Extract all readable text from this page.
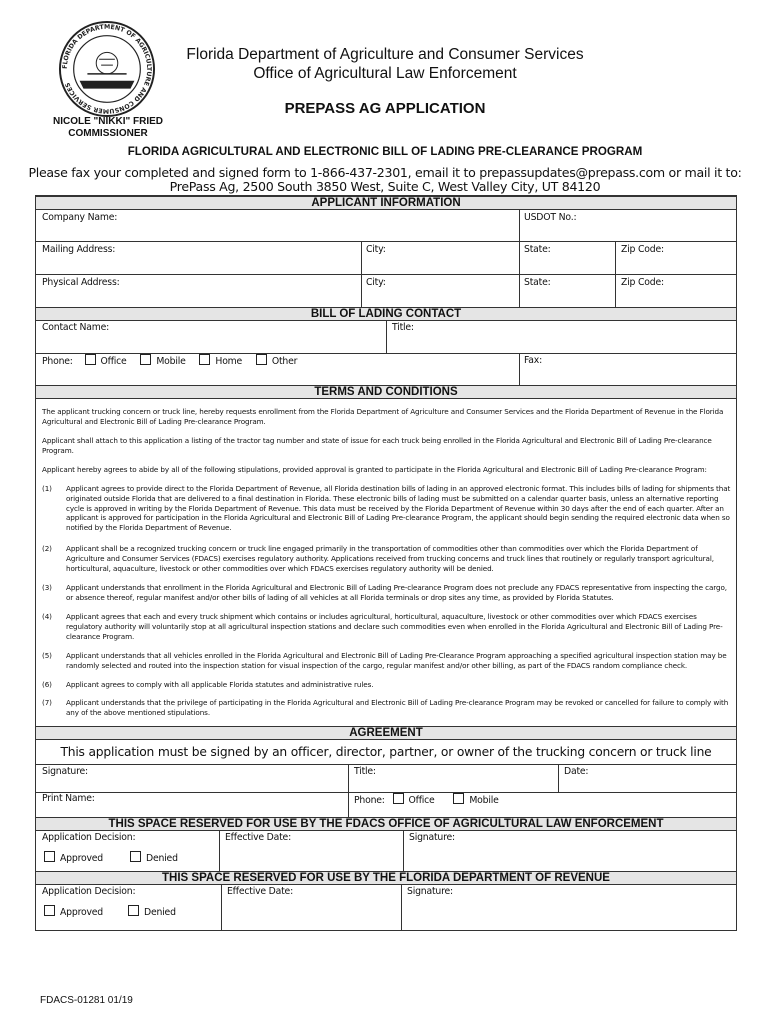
FLORIDA DEPARTMENT OF AGRICULTURE AND CONSUMER SERVICES
Florida Department of Agriculture and Consumer Services
Office of Agricultural Law Enforcement
PREPASS AG APPLICATION
NICOLE "NIKKI" FRIED
COMMISSIONER
FLORIDA AGRICULTURAL AND ELECTRONIC BILL OF LADING PRE-CLEARANCE PROGRAM
Please fax your completed and signed form to 1-866-437-2301, email it to prepassupdates@prepass.com or mail it to:
PrePass Ag, 2500 South 3850 West, Suite C, West Valley City, UT 84120
APPLICANT INFORMATION
Company Name:	USDOT No.:
Mailing Address:	City:	State:	Zip Code:
Physical Address:	City:	State:	Zip Code:
BILL OF LADING CONTACT
Contact Name:	Title:
Phone:	Office	Mobile	Home	Other	Fax:
TERMS AND CONDITIONS
The applicant trucking concern or truck line, hereby requests enrollment from the Florida Department of Agriculture and Consumer Services and the Florida Department of Revenue in the Florida Agricultural and Electronic Bill of Lading Pre-clearance Program.
Applicant shall attach to this application a listing of the tractor tag number and state of issue for each truck being enrolled in the Florida Agricultural and Electronic Bill of Lading Pre-clearance Program.
Applicant hereby agrees to abide by all of the following stipulations, provided approval is granted to participate in the Florida Agricultural and Electronic Bill of Lading Pre-clearance Program:
(1) Applicant agrees to provide direct to the Florida Department of Revenue, all Florida destination bills of lading in an approved electronic format. This includes bills of lading for shipments that originated outside Florida that are delivered to a final destination in Florida. These electronic bills of lading must be submitted on a calendar quarter basis, unless an alternative reporting cycle is approved in writing by the Florida Department of Revenue. This data must be received by the Florida Department of Revenue within 30 days after the end of each quarter. After an applicant is approved for participation in the Florida Agricultural and Electronic Bill of Lading Pre-clearance Program, the applicant should begin sending the required electronic data when so notified by the Florida Department of Revenue.
(2) Applicant shall be a recognized trucking concern or truck line engaged primarily in the transportation of commodities other than commodities over which the Florida Department of Agriculture and Consumer Services (FDACS) exercises regulatory authority. Applications received from trucking concerns and truck lines that routinely or regularly transport agricultural, horticultural, aquaculture, livestock or other commodities over which FDACS exercises regulatory authority will be denied.
(3) Applicant understands that enrollment in the Florida Agricultural and Electronic Bill of Lading Pre-clearance Program does not preclude any FDACS representative from inspecting the cargo, or absence thereof, regular manifest and/or other bills of lading of all vehicles at all Florida terminals or drop sites any time, as provided by Florida Statutes.
(4) Applicant agrees that each and every truck shipment which contains or includes agricultural, horticultural, aquaculture, livestock or other commodities over which FDACS exercises regulatory authority will voluntarily stop at all agricultural inspection stations and declare such commodities even when enrolled in the Florida Agricultural and Electronic Bill of Lading Pre-clearance Program.
(5) Applicant understands that all vehicles enrolled in the Florida Agricultural and Electronic Bill of Lading Pre-Clearance Program approaching a specified agricultural inspection station may be randomly selected and routed into the inspection station for visual inspection of the cargo, regular manifest and/or other billing, as part of the FDACS random compliance check.
(6) Applicant agrees to comply with all applicable Florida statutes and administrative rules.
(7) Applicant understands that the privilege of participating in the Florida Agricultural and Electronic Bill of Lading Pre-clearance Program may be revoked or cancelled for failure to comply with any of the above mentioned stipulations.
AGREEMENT
This application must be signed by an officer, director, partner, or owner of the trucking concern or truck line
Signature:	Title:	Date:
Print Name:	Phone:	Office	Mobile
THIS SPACE RESERVED FOR USE BY THE FDACS OFFICE OF AGRICULTURAL LAW ENFORCEMENT
Application Decision:	Effective Date:	Signature:
Approved	Denied
THIS SPACE RESERVED FOR USE BY THE FLORIDA DEPARTMENT OF REVENUE
Application Decision:	Effective Date:	Signature:
Approved	Denied
FDACS-01281 01/19
